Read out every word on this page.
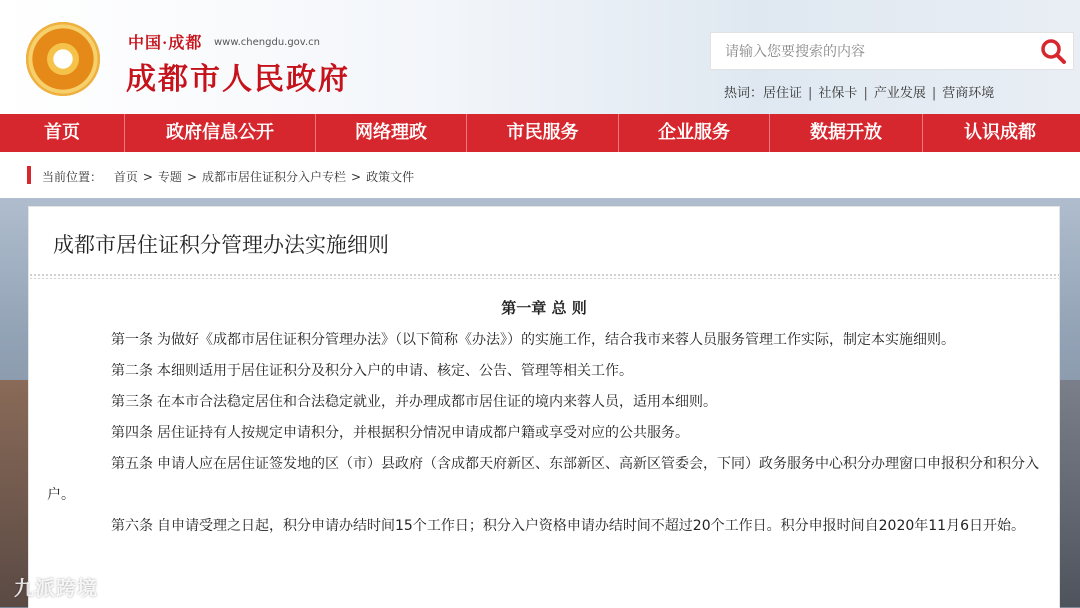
中国·成都 www.chengdu.gov.cn
成都市人民政府
请输入您要搜索的内容	热词：居住证 | 社保卡 | 产业发展 | 营商环境
首页	政府信息公开	网络理政	市民服务	企业服务	数据开放	认识成都
当前位置： 首页 > 专题 > 成都市居住证积分入户专栏 > 政策文件
成都市居住证积分管理办法实施细则
第一章 总 则

第一条 为做好《成都市居住证积分管理办法》（以下简称《办法》）的实施工作，结合我市来蓉人员服务管理工作实际，制定本实施细则。

第二条 本细则适用于居住证积分及积分入户的申请、核定、公告、管理等相关工作。

第三条 在本市合法稳定居住和合法稳定就业，并办理成都市居住证的境内来蓉人员，适用本细则。

第四条 居住证持有人按规定申请积分，并根据积分情况申请成都户籍或享受对应的公共服务。

第五条 申请人应在居住证签发地的区（市）县政府（含成都天府新区、东部新区、高新区管委会，下同）政务服务中心积分办理窗口申报积分和积分入户。

第六条 自申请受理之日起，积分申请办结时间15个工作日；积分入户资格申请办结时间不超过20个工作日。积分申报时间自2020年11月6日开始。

九派跨境
